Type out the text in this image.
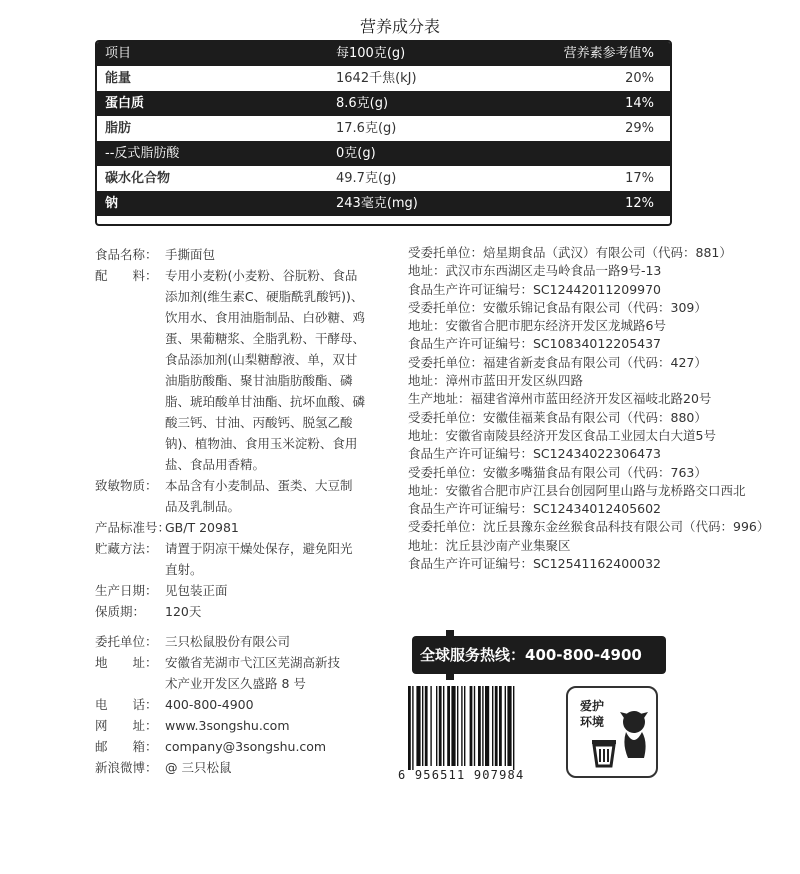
营养成分表
项目	每100克(g)	营养素参考值%
能量	1642千焦(kJ)	20%
蛋白质	8.6克(g)	14%
脂肪	17.6克(g)	29%
--反式脂肪酸	0克(g)
碳水化合物	49.7克(g)	17%
钠	243毫克(mg)	12%
食品名称： 手撕面包
配　　料： 专用小麦粉(小麦粉、谷朊粉、食品
添加剂(维生素C、硬脂酰乳酸钙))、
饮用水、食用油脂制品、白砂糖、鸡
蛋、果葡糖浆、全脂乳粉、干酵母、
食品添加剂(山梨糖醇液、单，双甘
油脂肪酸酯、聚甘油脂肪酸酯、磷
脂、琥珀酸单甘油酯、抗坏血酸、磷
酸三钙、甘油、丙酸钙、脱氢乙酸
钠)、植物油、食用玉米淀粉、食用
盐、食品用香精。
致敏物质： 本品含有小麦制品、蛋类、大豆制
品及乳制品。
产品标准号：
GB/T 20981
贮藏方法： 请置于阴凉干燥处保存，避免阳光
直射。
生产日期： 见包装正面
保质期：	120天
委托单位： 三只松鼠股份有限公司
地　　址： 安徽省芜湖市弋江区芜湖高新技
术产业开发区久盛路 8 号
电　　话： 400-800-4900
网　　址： www.3songshu.com
邮　　箱： company@3songshu.com
新浪微博： @ 三只松鼠
受委托单位：焙星期食品（武汉）有限公司（代码：881）
地址：武汉市东西湖区走马岭食品一路9号-13
食品生产许可证编号：SC12442011209970
受委托单位：安徽乐锦记食品有限公司（代码：309）
地址：安徽省合肥市肥东经济开发区龙城路6号
食品生产许可证编号：SC10834012205437
受委托单位：福建省新麦食品有限公司（代码：427）
地址：漳州市蓝田开发区纵四路
生产地址：福建省漳州市蓝田经济开发区福岐北路20号
受委托单位：安徽佳福莱食品有限公司（代码：880）
地址：安徽省南陵县经济开发区食品工业园太白大道5号
食品生产许可证编号：SC12434022306473
受委托单位：安徽多嘴猫食品有限公司（代码：763）
地址：安徽省合肥市庐江县台创园阿里山路与龙桥路交口西北
食品生产许可证编号：SC12434012405602
受委托单位：沈丘县豫东金丝猴食品科技有限公司（代码：996）
地址：沈丘县沙南产业集聚区
食品生产许可证编号：SC12541162400032
全球服务热线：400-800-4900
6 956511 907984
爱护
环境
